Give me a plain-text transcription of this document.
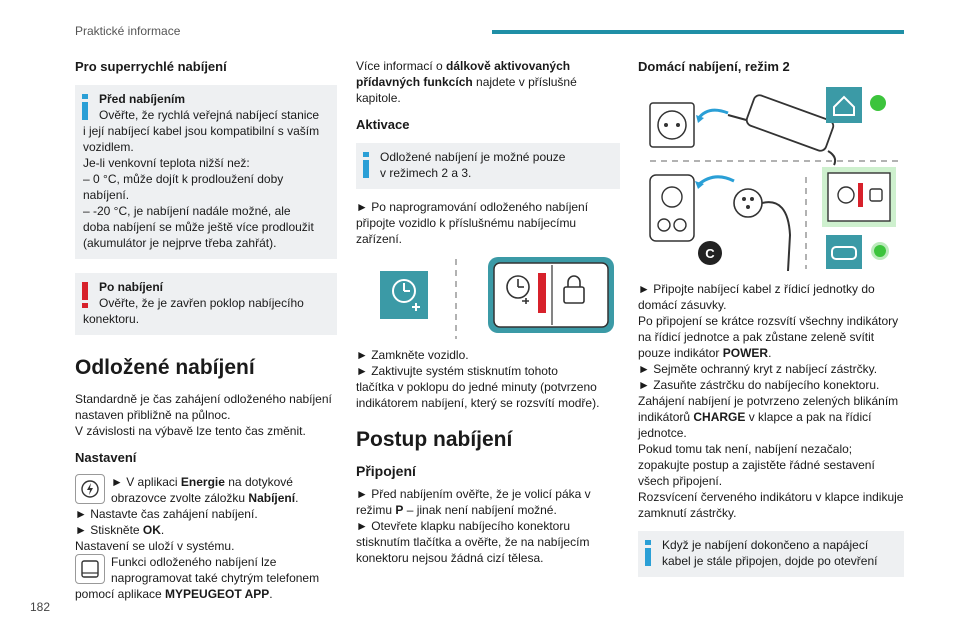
Praktické informace
182
Pro superrychlé nabíjení

Před nabíjením

Ověřte, že rychlá veřejná nabíjecí stanice

i její nabíjecí kabel jsou kompatibilní s vaším

vozidlem.

Je-li venkovní teplota nižší než:

– 0 °C, může dojít k prodloužení doby

nabíjení.

– -20 °C, je nabíjení nadále možné, ale

doba nabíjení se může ještě více prodloužit

(akumulátor je nejprve třeba zahřát).

Po nabíjení

Ověřte, že je zavřen poklop nabíjecího

konektoru.

Odložené nabíjení

Standardně je čas zahájení odloženého nabíjení

nastaven přibližně na půlnoc.

V závislosti na výbavě lze tento čas změnit.

Nastavení
► V aplikaci Energie na dotykové obrazovce zvolte záložku Nabíjení.

► Nastavte čas zahájení nabíjení.

► Stiskněte OK.

Nastavení se uloží v systému.

Funkci odloženého nabíjení lze naprogramovat také chytrým telefonem pomocí aplikace MYPEUGEOT APP.

Více informací o dálkově aktivovaných přídavných funkcích najdete v příslušné kapitole.

Aktivace

Odložené nabíjení je možné pouze

v režimech 2 a 3.

► Po naprogramování odloženého nabíjení

připojte vozidlo k příslušnému nabíjecímu

zařízení.

► Zamkněte vozidlo.

► Zaktivujte systém stisknutím tohoto

tlačítka v poklopu do jedné minuty (potvrzeno

indikátorem nabíjení, který se rozsvítí modře).

Postup nabíjení
Připojení

► Před nabíjením ověřte, že je volicí páka v režimu P – jinak není nabíjení možné.

► Otevřete klapku nabíjecího konektoru

stisknutím tlačítka a ověřte, že na nabíjecím

konektoru nejsou žádná cizí tělesa.

Domácí nabíjení, režim 2
C

► Připojte nabíjecí kabel z řídicí jednotky do domácí zásuvky.

Po připojení se krátce rozsvítí všechny indikátory na řídicí jednotce a pak zůstane zeleně svítit pouze indikátor POWER.

► Sejměte ochranný kryt z nabíjecí zástrčky.

► Zasuňte zástrčku do nabíjecího konektoru.

Zahájení nabíjení je potvrzeno zelených blikáním indikátorů CHARGE v klapce a pak na řídicí jednotce.

Pokud tomu tak není, nabíjení nezačalo; zopakujte postup a zajistěte řádné sestavení všech připojení.

Rozsvícení červeného indikátoru v klapce indikuje zamknutí zástrčky.

Když je nabíjení dokončeno a napájecí

kabel je stále připojen, dojde po otevření
